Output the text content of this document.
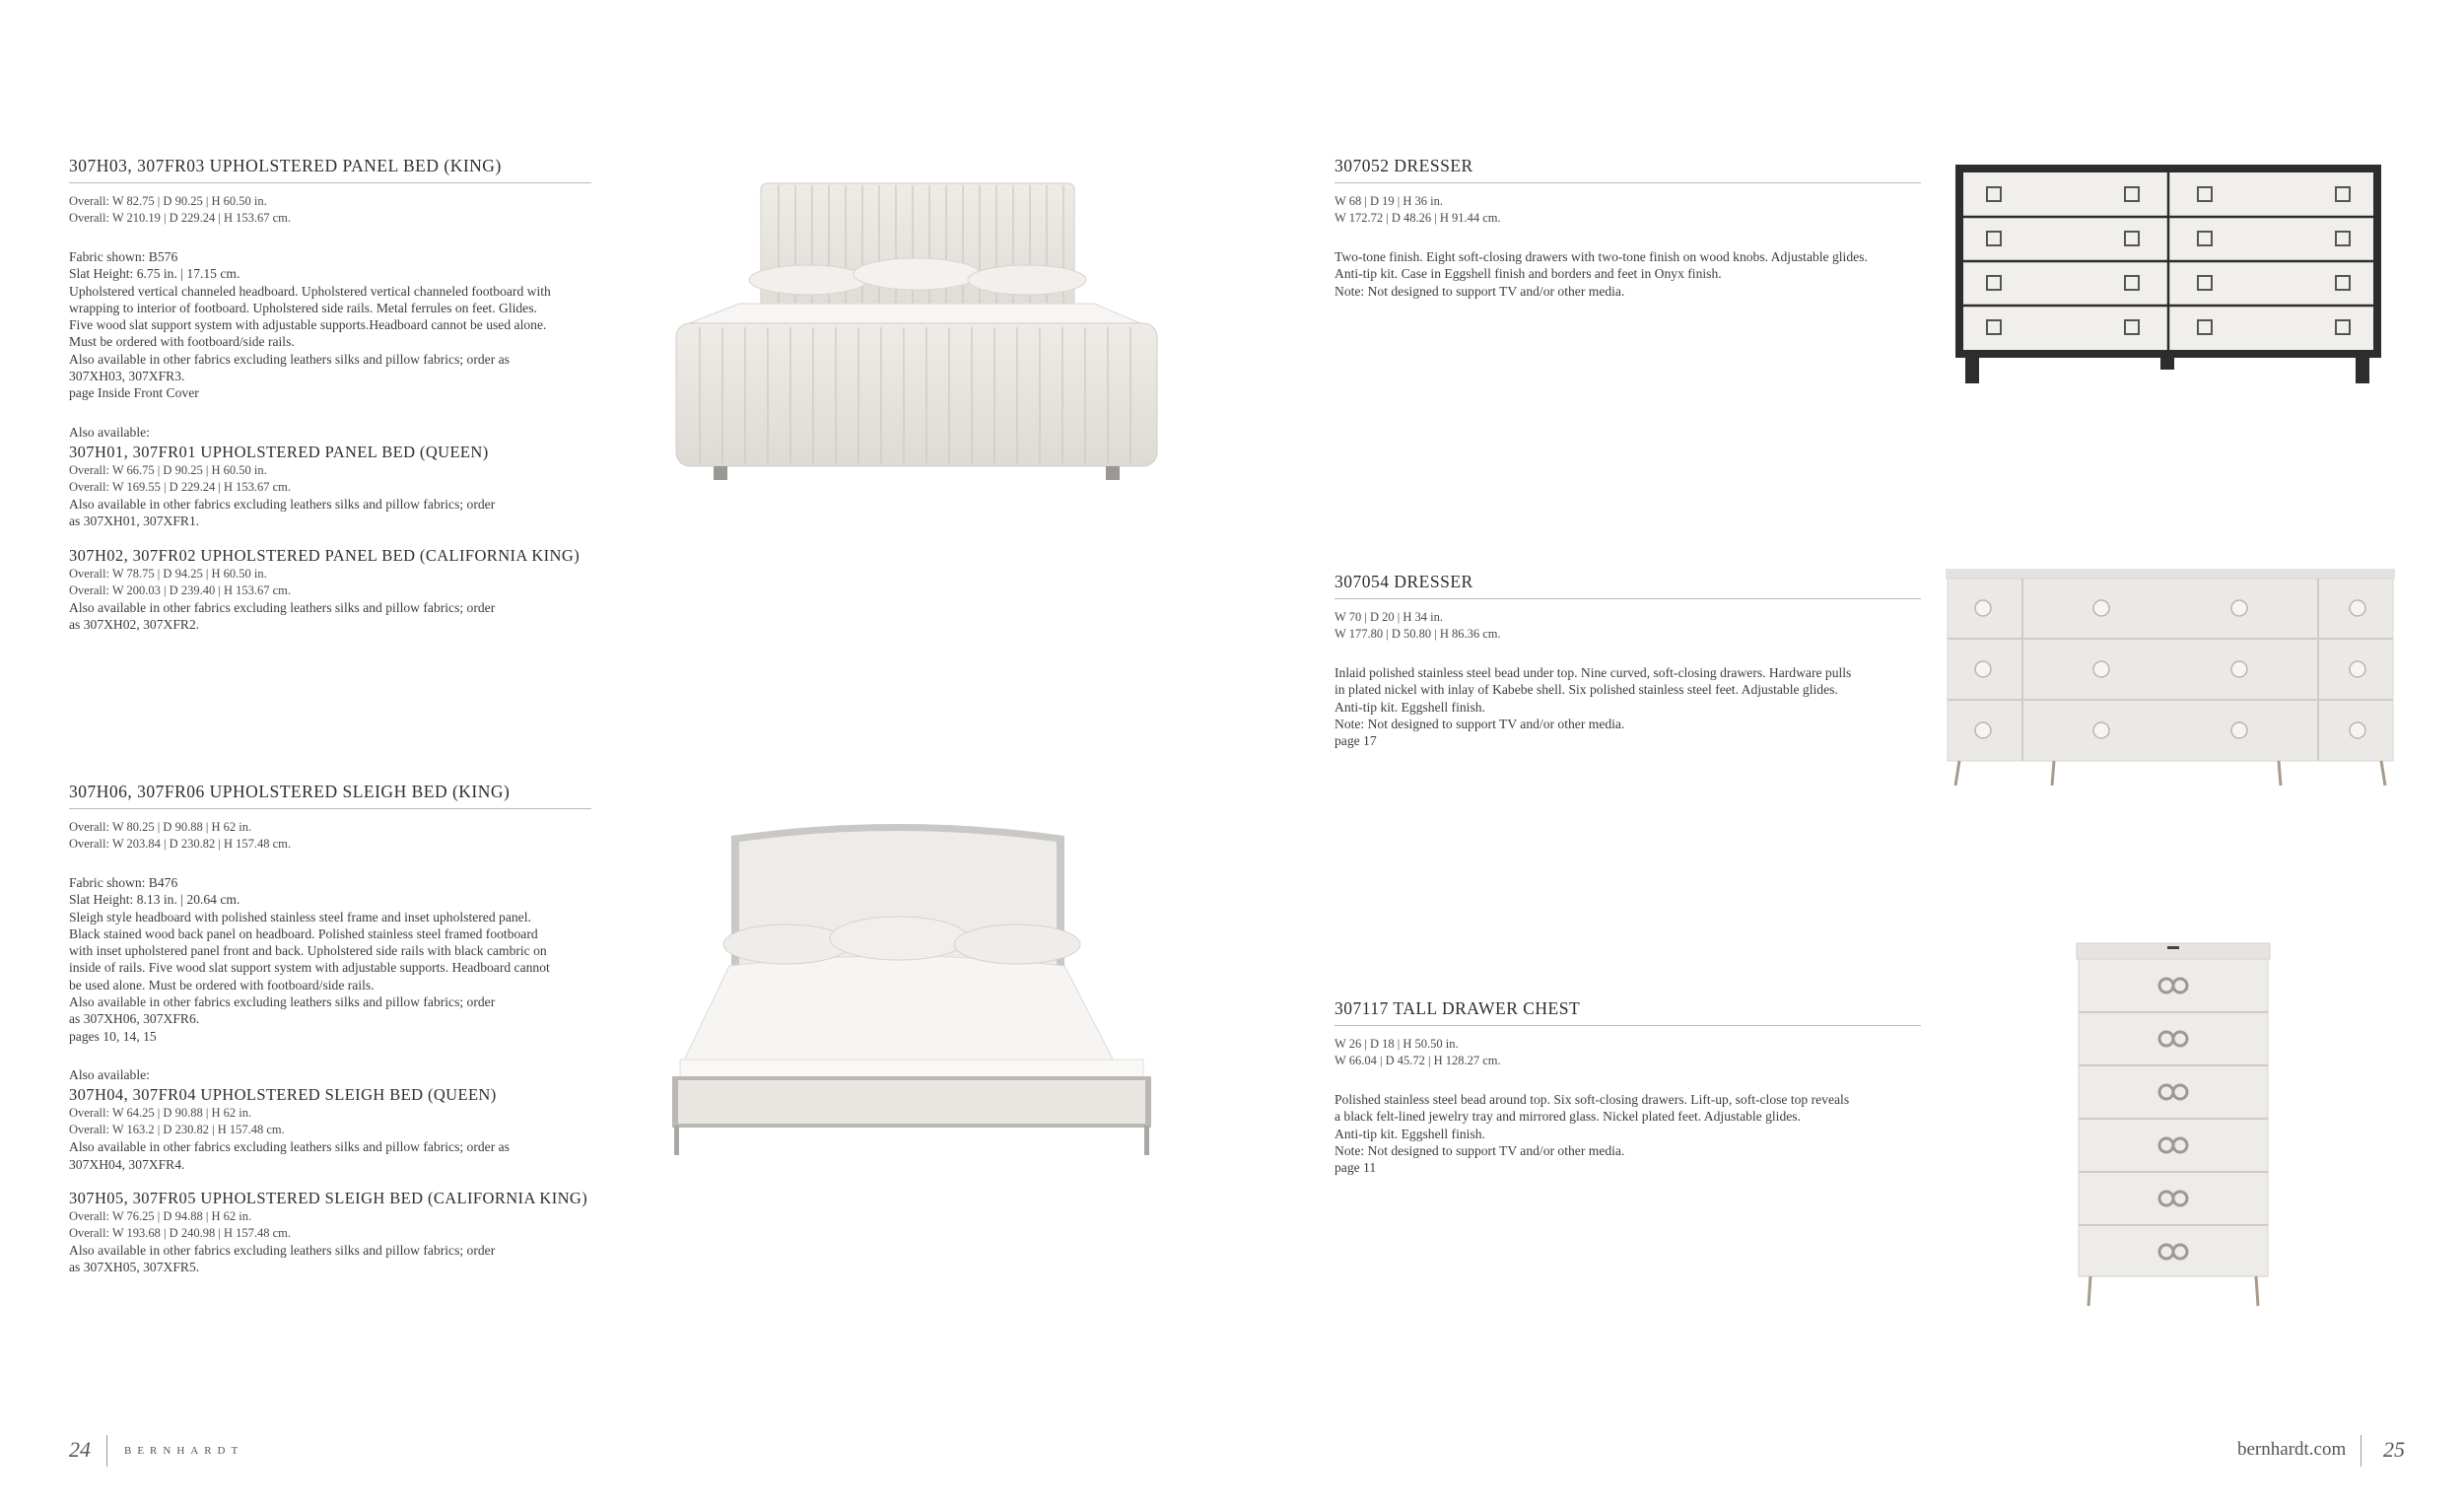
307H03, 307FR03 UPHOLSTERED PANEL BED (KING)
Overall: W 82.75 | D 90.25 | H 60.50 in.
Overall: W 210.19 | D 229.24 | H 153.67 cm.
Fabric shown: B576
Slat Height: 6.75 in. | 17.15 cm.
Upholstered vertical channeled headboard. Upholstered vertical channeled footboard with
wrapping to interior of footboard. Upholstered side rails. Metal ferrules on feet. Glides.
Five wood slat support system with adjustable supports.Headboard cannot be used alone.
Must be ordered with footboard/side rails.
Also available in other fabrics excluding leathers silks and pillow fabrics; order as
307XH03, 307XFR3.
page Inside Front Cover
Also available:
307H01, 307FR01 UPHOLSTERED PANEL BED (QUEEN)
Overall: W 66.75 | D 90.25 | H 60.50 in.
Overall: W 169.55 | D 229.24 | H 153.67 cm.
Also available in other fabrics excluding leathers silks and pillow fabrics; order
as 307XH01, 307XFR1.
307H02, 307FR02 UPHOLSTERED PANEL BED (CALIFORNIA KING)
Overall: W 78.75 | D 94.25 | H 60.50 in.
Overall: W 200.03 | D 239.40 | H 153.67 cm.
Also available in other fabrics excluding leathers silks and pillow fabrics; order
as 307XH02, 307XFR2.
307H06, 307FR06 UPHOLSTERED SLEIGH BED (KING)
Overall: W 80.25 | D 90.88 | H 62 in.
Overall: W 203.84 | D 230.82 | H 157.48 cm.
Fabric shown: B476
Slat Height: 8.13 in. | 20.64 cm.
Sleigh style headboard with polished stainless steel frame and inset upholstered panel.
Black stained wood back panel on headboard. Polished stainless steel framed footboard
with inset upholstered panel front and back. Upholstered side rails with black cambric on
inside of rails. Five wood slat support system with adjustable supports. Headboard cannot
be used alone. Must be ordered with footboard/side rails.
Also available in other fabrics excluding leathers silks and pillow fabrics; order
as 307XH06, 307XFR6.
pages 10, 14, 15
Also available:
307H04, 307FR04 UPHOLSTERED SLEIGH BED (QUEEN)
Overall: W 64.25 | D 90.88 | H 62 in.
Overall: W 163.2 | D 230.82 | H 157.48 cm.
Also available in other fabrics excluding leathers silks and pillow fabrics; order as
307XH04, 307XFR4.
307H05, 307FR05 UPHOLSTERED SLEIGH BED (CALIFORNIA KING)
Overall: W 76.25 | D 94.88 | H 62 in.
Overall: W 193.68 | D 240.98 | H 157.48 cm.
Also available in other fabrics excluding leathers silks and pillow fabrics; order
as 307XH05, 307XFR5.
307052 DRESSER
W 68 | D 19 | H 36 in.
W 172.72 | D 48.26 | H 91.44 cm.
Two-tone finish. Eight soft-closing drawers with two-tone finish on wood knobs. Adjustable glides.
Anti-tip kit. Case in Eggshell finish and borders and feet in Onyx finish.
Note: Not designed to support TV and/or other media.
307054 DRESSER
W 70 | D 20 | H 34 in.
W 177.80 | D 50.80 | H 86.36 cm.
Inlaid polished stainless steel bead under top. Nine curved, soft-closing drawers. Hardware pulls
in plated nickel with inlay of Kabebe shell. Six polished stainless steel feet. Adjustable glides.
Anti-tip kit. Eggshell finish.
Note: Not designed to support TV and/or other media.
page 17
307117 TALL DRAWER CHEST
W 26 | D 18 | H 50.50 in.
W 66.04 | D 45.72 | H 128.27 cm.
Polished stainless steel bead around top. Six soft-closing drawers. Lift-up, soft-close top reveals
a black felt-lined jewelry tray and mirrored glass. Nickel plated feet. Adjustable glides.
Anti-tip kit. Eggshell finish.
Note: Not designed to support TV and/or other media.
page 11
24	BERNHARDT	bernhardt.com 25
